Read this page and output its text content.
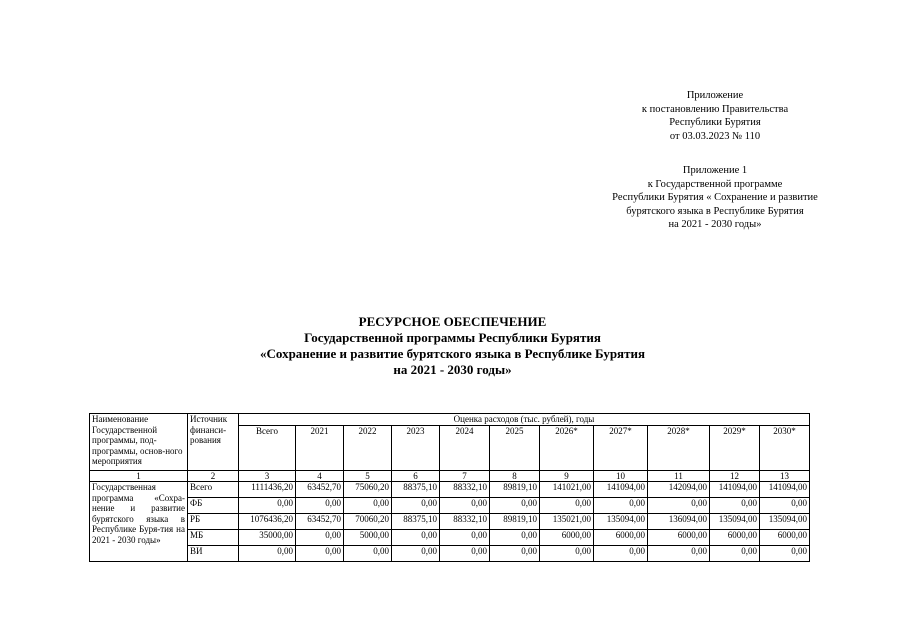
Приложение
к постановлению Правительства
Республики Бурятия
от 03.03.2023 № 110
Приложение 1
к Государственной программе
Республики Бурятия « Сохранение и развитие
бурятского языка в Республике Бурятия
на 2021 - 2030 годы»
РЕСУРСНОЕ ОБЕСПЕЧЕНИЕ
Государственной программы Республики Бурятия
«Сохранение и развитие бурятского языка в Республике Бурятия
на 2021 - 2030 годы»
Наименование Государственной программы, под-программы, основ-ного мероприятия	Источник финанси-рования	Оценка расходов (тыс. рублей), годы										
		Всего	2021	2022	2023	2024	2025	2026*	2027*	2028*	2029*	2030*
1	2	3	4	5	6	7	8	9	10	11	12	13
Государственная программа «Сохра-нение и развитие бурятского языка в Республике Буря-тия на 2021 - 2030 годы»	Всего	1111436,20	63452,70	75060,20	88375,10	88332,10	89819,10	141021,00	141094,00	142094,00	141094,00	141094,00
	ФБ	0,00	0,00	0,00	0,00	0,00	0,00	0,00	0,00	0,00	0,00	0,00
	РБ	1076436,20	63452,70	70060,20	88375,10	88332,10	89819,10	135021,00	135094,00	136094,00	135094,00	135094,00
	МБ	35000,00	0,00	5000,00	0,00	0,00	0,00	6000,00	6000,00	6000,00	6000,00	6000,00
	ВИ	0,00	0,00	0,00	0,00	0,00	0,00	0,00	0,00	0,00	0,00	0,00
